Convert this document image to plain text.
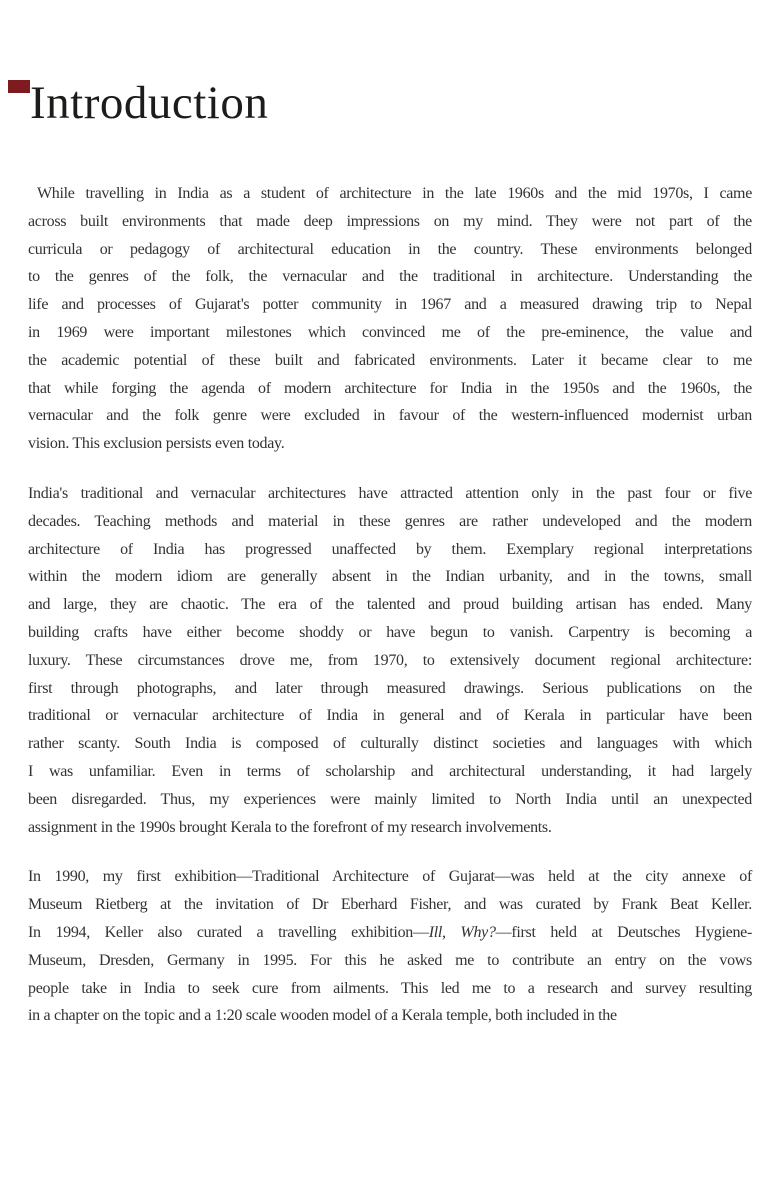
Introduction
While travelling in India as a student of architecture in the late 1960s and the mid 1970s, I came
across built environments that made deep impressions on my mind. They were not part of the
curricula or pedagogy of architectural education in the country. These environments belonged
to the genres of the folk, the vernacular and the traditional in architecture. Understanding the
life and processes of Gujarat's potter community in 1967 and a measured drawing trip to Nepal
in 1969 were important milestones which convinced me of the pre-eminence, the value and
the academic potential of these built and fabricated environments. Later it became clear to me
that while forging the agenda of modern architecture for India in the 1950s and the 1960s, the
vernacular and the folk genre were excluded in favour of the western-influenced modernist urban
vision. This exclusion persists even today.
India's traditional and vernacular architectures have attracted attention only in the past four or five
decades. Teaching methods and material in these genres are rather undeveloped and the modern
architecture of India has progressed unaffected by them. Exemplary regional interpretations
within the modern idiom are generally absent in the Indian urbanity, and in the towns, small
and large, they are chaotic. The era of the talented and proud building artisan has ended. Many
building crafts have either become shoddy or have begun to vanish. Carpentry is becoming a
luxury. These circumstances drove me, from 1970, to extensively document regional architecture:
first through photographs, and later through measured drawings. Serious publications on the
traditional or vernacular architecture of India in general and of Kerala in particular have been
rather scanty. South India is composed of culturally distinct societies and languages with which
I was unfamiliar. Even in terms of scholarship and architectural understanding, it had largely
been disregarded. Thus, my experiences were mainly limited to North India until an unexpected
assignment in the 1990s brought Kerala to the forefront of my research involvements.
In 1990, my first exhibition—Traditional Architecture of Gujarat—was held at the city annexe of
Museum Rietberg at the invitation of Dr Eberhard Fisher, and was curated by Frank Beat Keller.
In 1994, Keller also curated a travelling exhibition—Ill, Why?—first held at Deutsches Hygiene-
Museum, Dresden, Germany in 1995. For this he asked me to contribute an entry on the vows
people take in India to seek cure from ailments. This led me to a research and survey resulting
in a chapter on the topic and a 1:20 scale wooden model of a Kerala temple, both included in the
